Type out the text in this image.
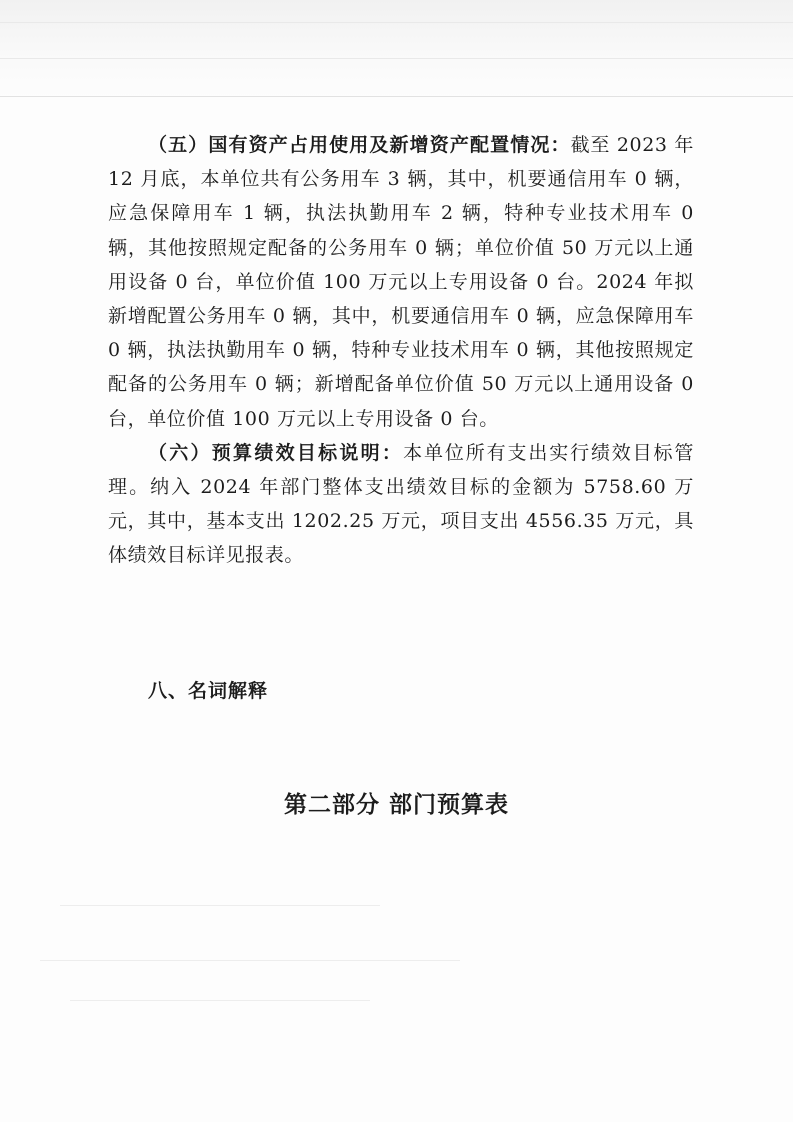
（五）国有资产占用使用及新增资产配置情况：截至 2023 年 12 月底，本单位共有公务用车 3 辆，其中，机要通信用车 0 辆，应急保障用车 1 辆，执法执勤用车 2 辆，特种专业技术用车 0 辆，其他按照规定配备的公务用车 0 辆；单位价值 50 万元以上通用设备 0 台，单位价值 100 万元以上专用设备 0 台。2024 年拟新增配置公务用车 0 辆，其中，机要通信用车 0 辆，应急保障用车 0 辆，执法执勤用车 0 辆，特种专业技术用车 0 辆，其他按照规定配备的公务用车 0 辆；新增配备单位价值 50 万元以上通用设备 0 台，单位价值 100 万元以上专用设备 0 台。

（六）预算绩效目标说明：本单位所有支出实行绩效目标管理。纳入 2024 年部门整体支出绩效目标的金额为 5758.60 万元，其中，基本支出 1202.25 万元，项目支出 4556.35 万元，具体绩效目标详见报表。

八、名词解释

第二部分 部门预算表
